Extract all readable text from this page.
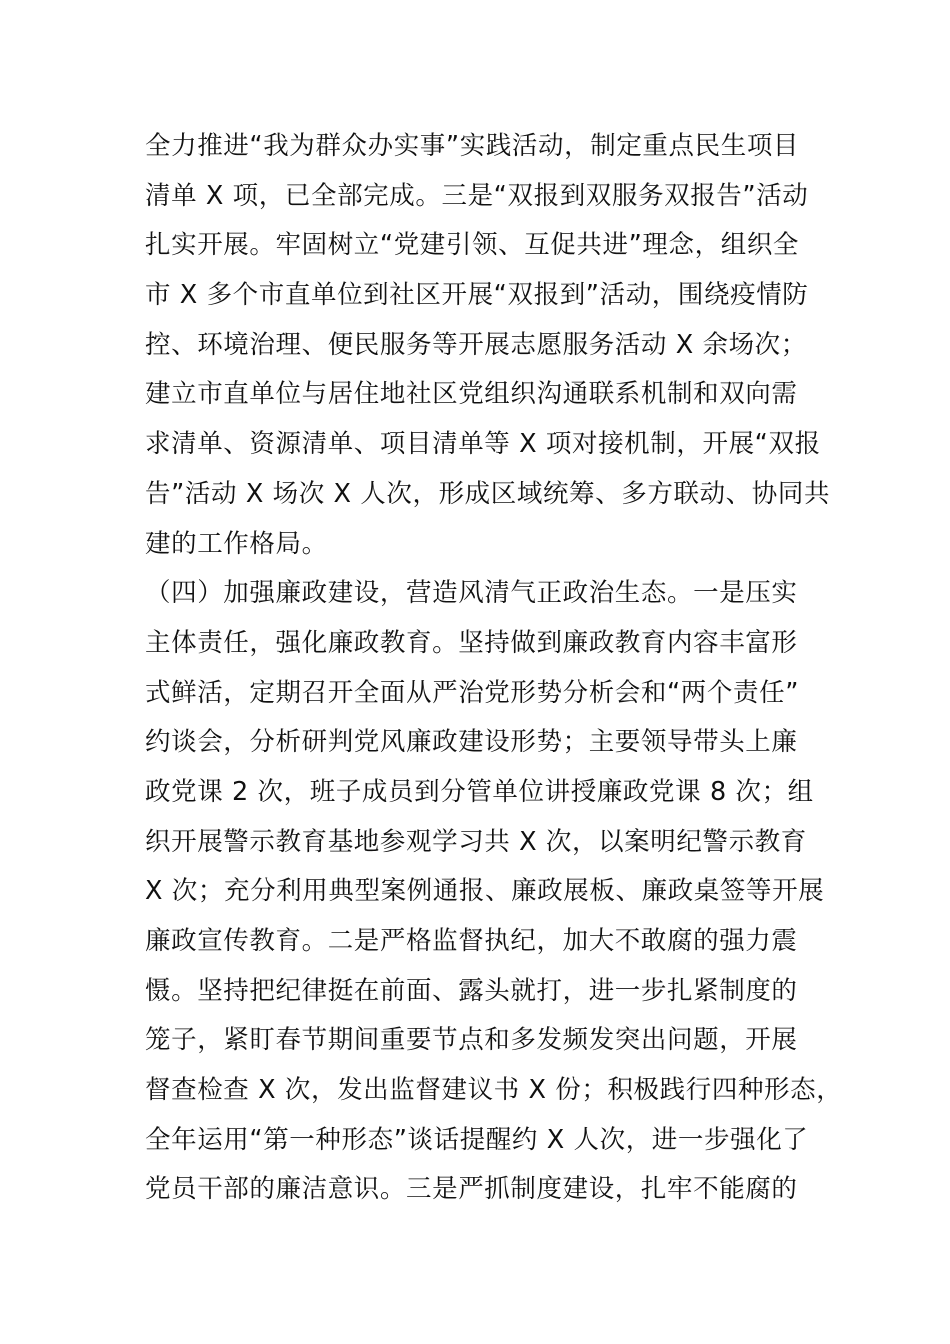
全力推进“我为群众办实事”实践活动，制定重点民生项目
清单 X 项，已全部完成。三是“双报到双服务双报告”活动
扎实开展。牢固树立“党建引领、互促共进”理念，组织全
市 X 多个市直单位到社区开展“双报到”活动，围绕疫情防
控、环境治理、便民服务等开展志愿服务活动 X 余场次；
建立市直单位与居住地社区党组织沟通联系机制和双向需
求清单、资源清单、项目清单等 X 项对接机制，开展“双报
告”活动 X 场次 X 人次，形成区域统筹、多方联动、协同共
建的工作格局。
（四）加强廉政建设，营造风清气正政治生态。一是压实
主体责任，强化廉政教育。坚持做到廉政教育内容丰富形
式鲜活，定期召开全面从严治党形势分析会和“两个责任”
约谈会，分析研判党风廉政建设形势；主要领导带头上廉
政党课 2 次，班子成员到分管单位讲授廉政党课 8 次；组
织开展警示教育基地参观学习共 X 次，以案明纪警示教育
X 次；充分利用典型案例通报、廉政展板、廉政桌签等开展
廉政宣传教育。二是严格监督执纪，加大不敢腐的强力震
慑。坚持把纪律挺在前面、露头就打，进一步扎紧制度的
笼子，紧盯春节期间重要节点和多发频发突出问题，开展
督查检查 X 次，发出监督建议书 X 份；积极践行四种形态，
全年运用“第一种形态”谈话提醒约 X 人次，进一步强化了
党员干部的廉洁意识。三是严抓制度建设，扎牢不能腐的
